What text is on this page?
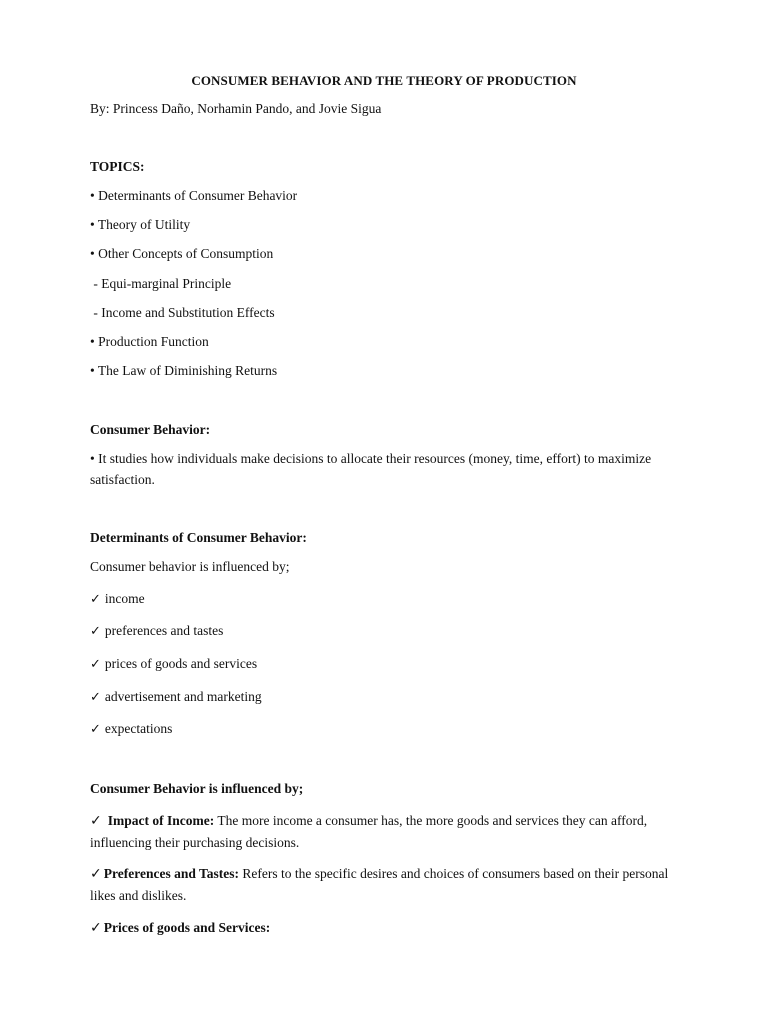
CONSUMER BEHAVIOR AND THE THEORY OF PRODUCTION
By: Princess Daño, Norhamin Pando, and Jovie Sigua
TOPICS:
• Determinants of Consumer Behavior
• Theory of Utility
• Other Concepts of Consumption
- Equi-marginal Principle
- Income and Substitution Effects
• Production Function
• The Law of Diminishing Returns
Consumer Behavior:
• It studies how individuals make decisions to allocate their resources (money, time, effort) to maximize satisfaction.
Determinants of Consumer Behavior:
Consumer behavior is influenced by;
✓ income
✓ preferences and tastes
✓ prices of goods and services
✓ advertisement and marketing
✓ expectations
Consumer Behavior is influenced by;
✓ Impact of Income: The more income a consumer has, the more goods and services they can afford, influencing their purchasing decisions.
✓ Preferences and Tastes: Refers to the specific desires and choices of consumers based on their personal likes and dislikes.
✓ Prices of goods and Services:
